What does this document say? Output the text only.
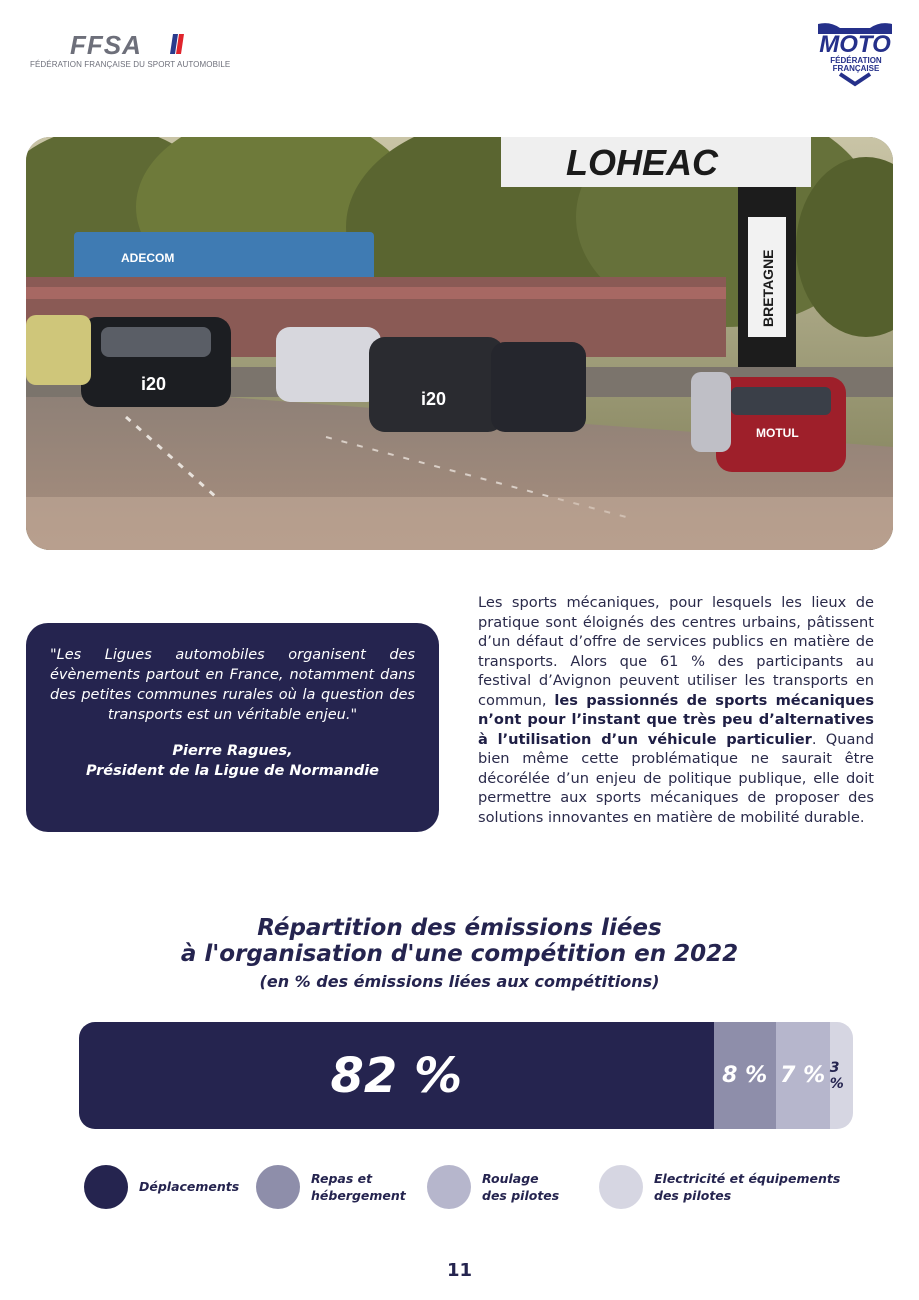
FFSA
FÉDÉRATION FRANÇAISE DU SPORT AUTOMOBILE
MOTO
FÉDÉRATION
FRANÇAISE
ADECOM
LOHEAC
BRETAGNE
i20
i20
MOTUL

"Les Ligues automobiles organisent des évènements partout en France, notamment dans des petites communes rurales où la question des transports est un véritable enjeu."

Pierre Ragues,

Président de la Ligue de Normandie

Les sports mécaniques, pour lesquels les lieux de pratique sont éloignés des centres urbains, pâtissent d’un défaut d’offre de services publics en matière de transports. Alors que 61 % des participants au festival d’Avignon peuvent utiliser les transports en commun, les passionnés de sports mécaniques n’ont pour l’instant que très peu d’alternatives à l’utilisation d’un véhicule particulier. Quand bien même cette problématique ne saurait être décorélée d’un enjeu de politique publique, elle doit permettre aux sports mécaniques de proposer des solutions innovantes en matière de mobilité durable.

Répartition des émissions liées
à l'organisation d'une compétition en 2022
(en % des émissions liées aux compétitions)
82 %	8 % 7 % 3 %
Déplacements
Repas et
hébergement
Roulage
des pilotes
Electricité et équipements
des pilotes
11
